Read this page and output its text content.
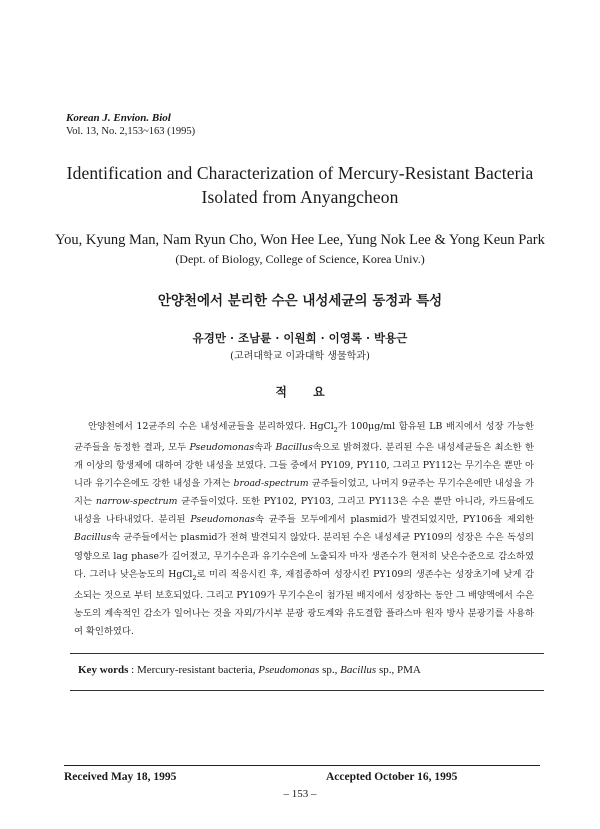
Korean J. Envion. Biol
Vol. 13, No. 2,153~163 (1995)
Identification and Characterization of Mercury-Resistant Bacteria
Isolated from Anyangcheon
You, Kyung Man, Nam Ryun Cho, Won Hee Lee, Yung Nok Lee & Yong Keun Park
(Dept. of Biology, College of Science, Korea Univ.)
안양천에서 분리한 수은 내성세균의 동정과 특성
유경만 · 조남륜 · 이원희 · 이영록 · 박용근
(고려대학교 이과대학 생물학과)
적 요

안양천에서 12균주의 수은 내성세균들을 분리하였다. HgCl$_2$가 100μg/ml 함유된 LB 배지에서 성장 가능한 균주들을 동정한 결과, 모두 Pseudomonas속과 Bacillus속으로 밝혀졌다. 분리된 수은 내성세균들은 최소한 한개 이상의 항생제에 대하여 강한 내성을 보였다. 그들 중에서 PY109, PY110, 그리고 PY112는 무기수은 뿐만 아니라 유기수은에도 강한 내성을 가져는 broad-spectrum 균주들이었고, 나머지 9균주는 무기수은에만 내성을 가지는 narrow-spectrum 균주들이었다. 또한 PY102, PY103, 그리고 PY113은 수은 뿐만 아니라, 카드뮴에도 내성을 나타내었다. 분리된 Pseudomonas속 균주들 모두에게서 plasmid가 발견되었지만, PY106을 제외한 Bacillus속 균주들에서는 plasmid가 전혀 발견되지 않았다. 분리된 수은 내성세균 PY109의 성장은 수은 독성의 영향으로 lag phase가 길어졌고, 무기수은과 유기수은에 노출되자 마자 생존수가 현저히 낮은수준으로 감소하였다. 그러나 낮은농도의 HgCl$_2$로 미리 적응시킨 후, 재접종하여 성장시킨 PY109의 생존수는 성장초기에 낮게 감소되는 것으로 부터 보호되었다. 그리고 PY109가 무기수은이 첨가된 배지에서 성장하는 동안 그 배양액에서 수은농도의 계속적인 감소가 일어나는 것을 자외/가시부 분광 광도계와 유도결합 플라스마 원자 방사 분광기를 사용하여 확인하였다.

Key words : Mercury-resistant bacteria, Pseudomonas sp., Bacillus sp., PMA
Received May 18, 1995	Accepted October 16, 1995
– 153 –
